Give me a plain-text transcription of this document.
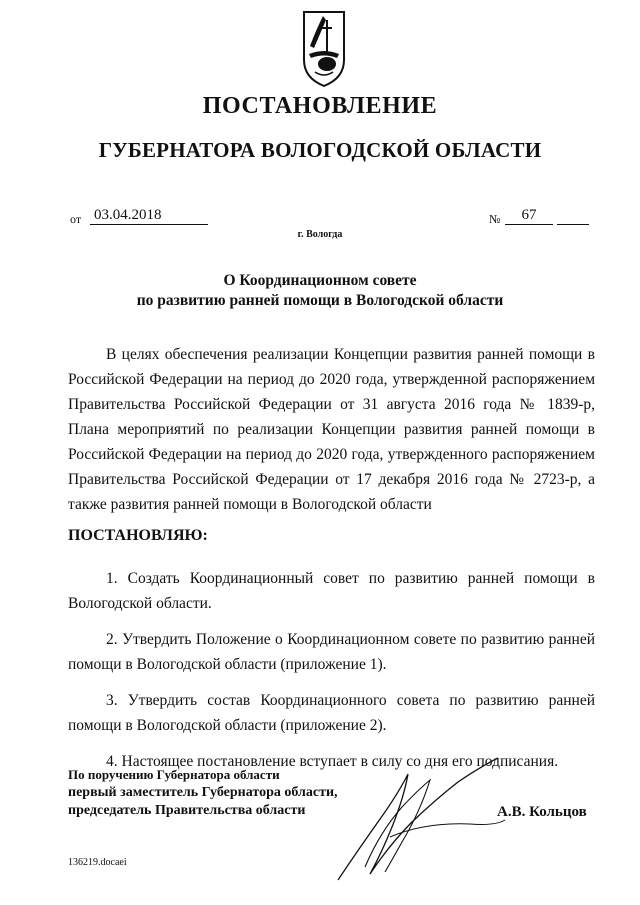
ПОСТАНОВЛЕНИЕ
ГУБЕРНАТОРА ВОЛОГОДСКОЙ ОБЛАСТИ
от 03.04.2018	№	67
г. Вологда
О Координационном совете
по развитию ранней помощи в Вологодской области
В целях обеспечения реализации Концепции развития ранней помощи в Российской Федерации на период до 2020 года, утвержденной распоряжением Правительства Российской Федерации от 31 августа 2016 года № 1839-р, Плана мероприятий по реализации Концепции развития ранней помощи в Российской Федерации на период до 2020 года, утвержденного распоряжением Правительства Российской Федерации от 17 декабря 2016 года № 2723-р, а также развития ранней помощи в Вологодской области
ПОСТАНОВЛЯЮ:
1. Создать Координационный совет по развитию ранней помощи в Вологодской области.
2. Утвердить Положение о Координационном совете по развитию ранней помощи в Вологодской области (приложение 1).
3. Утвердить состав Координационного совета по развитию ранней помощи в Вологодской области (приложение 2).
4. Настоящее постановление вступает в силу со дня его подписания.
По поручению Губернатора области
первый заместитель Губернатора области,
председатель Правительства области	А.В. Кольцов
136219.docaei
